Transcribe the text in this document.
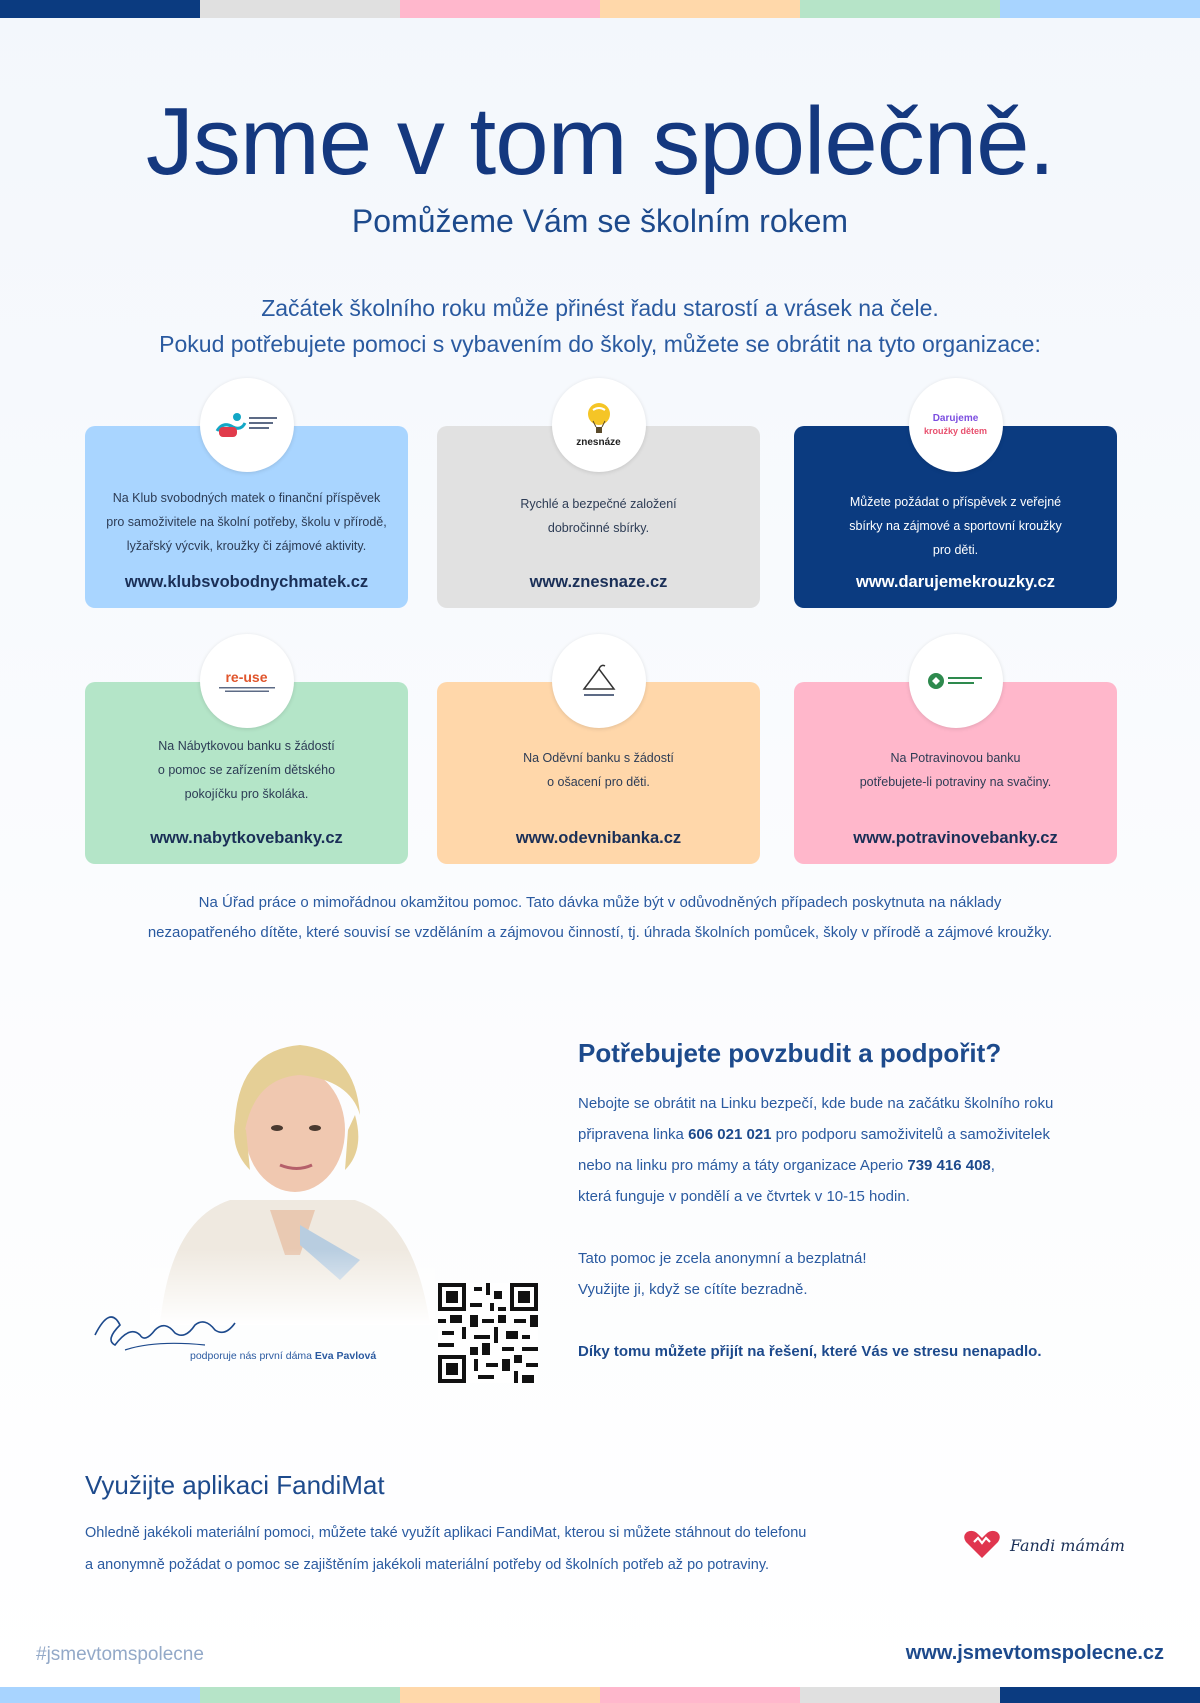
Jsme v tom společně.
Pomůžeme Vám se školním rokem
Začátek školního roku může přinést řadu starostí a vrásek na čele.
Pokud potřebujete pomoci s vybavením do školy, můžete se obrátit na tyto organizace:
Na Klub svobodných matek o finanční příspěvek
pro samoživitele na školní potřeby, školu v přírodě,
lyžařský výcvik, kroužky či zájmové aktivity.
www.klubsvobodnychmatek.cz
znesnáze
Rychlé a bezpečné založení
dobročinné sbírky.
www.znesnaze.cz
Darujeme
kroužky dětem
Můžete požádat o příspěvek z veřejné
sbírky na zájmové a sportovní kroužky
pro děti.
www.darujemekrouzky.cz
re-use
Na Nábytkovou banku s žádostí
o pomoc se zařízením dětského
pokojíčku pro školáka.
www.nabytkovebanky.cz
Na Oděvní banku s žádostí
o ošacení pro děti.
www.odevnibanka.cz
Na Potravinovou banku
potřebujete-li potraviny na svačiny.
www.potravinovebanky.cz
Na Úřad práce o mimořádnou okamžitou pomoc. Tato dávka může být v odůvodněných případech poskytnuta na náklady
nezaopatřeného dítěte, které souvisí se vzděláním a zájmovou činností, tj. úhrada školních pomůcek, školy v přírodě a zájmové kroužky.
podporuje nás první dáma Eva Pavlová
Potřebujete povzbudit a podpořit?

Nebojte se obrátit na Linku bezpečí, kde bude na začátku školního roku
připravena linka 606 021 021 pro podporu samoživitelů a samoživitelek
nebo na linku pro mámy a táty organizace Aperio 739 416 408,
která funguje v pondělí a ve čtvrtek v 10-15 hodin.

Tato pomoc je zcela anonymní a bezplatná!
Využijte ji, když se cítíte bezradně.

Díky tomu můžete přijít na řešení, které Vás ve stresu nenapadlo.

Využijte aplikaci FandiMat
Ohledně jakékoli materiální pomoci, můžete také využít aplikaci FandiMat, kterou si můžete stáhnout do telefonu
a anonymně požádat o pomoc se zajištěním jakékoli materiální potřeby od školních potřeb až po potraviny.
Fandi mámám
#jsmevtomspolecne	www.jsmevtomspolecne.cz
